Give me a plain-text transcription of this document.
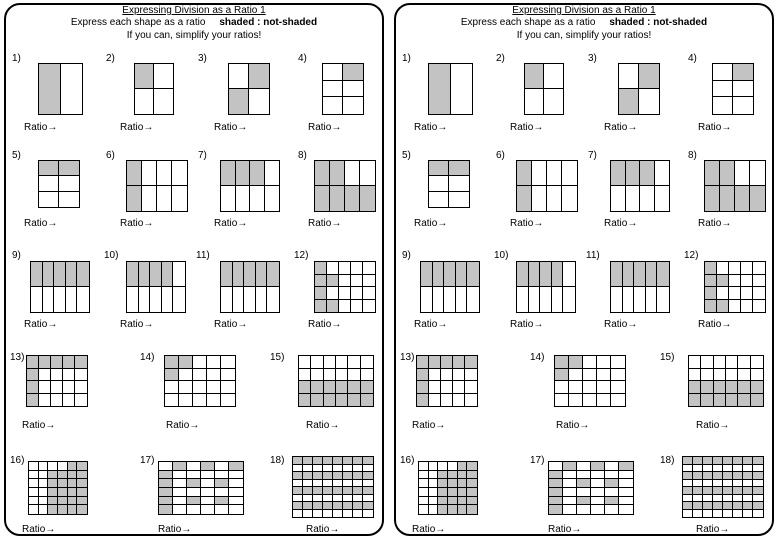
Expressing Division as a Ratio 1
Express each shape as a ratio shaded : not-shaded
If you can, simplify your ratios!
1)
Ratio→
2)
Ratio→
3)
Ratio→
4)
Ratio→
5)
Ratio→
6)
Ratio→
7)
Ratio→
8)
Ratio→
9)
Ratio→
10)
Ratio→
11)
Ratio→
12)
Ratio→
13)
Ratio→
14)
Ratio→
15)
Ratio→
16)
Ratio→
17)
Ratio→
18)
Ratio→
Expressing Division as a Ratio 1
Express each shape as a ratio shaded : not-shaded
If you can, simplify your ratios!
1)
Ratio→
2)
Ratio→
3)
Ratio→
4)
Ratio→
5)
Ratio→
6)
Ratio→
7)
Ratio→
8)
Ratio→
9)
Ratio→
10)
Ratio→
11)
Ratio→
12)
Ratio→
13)
Ratio→
14)
Ratio→
15)
Ratio→
16)
Ratio→
17)
Ratio→
18)
Ratio→
